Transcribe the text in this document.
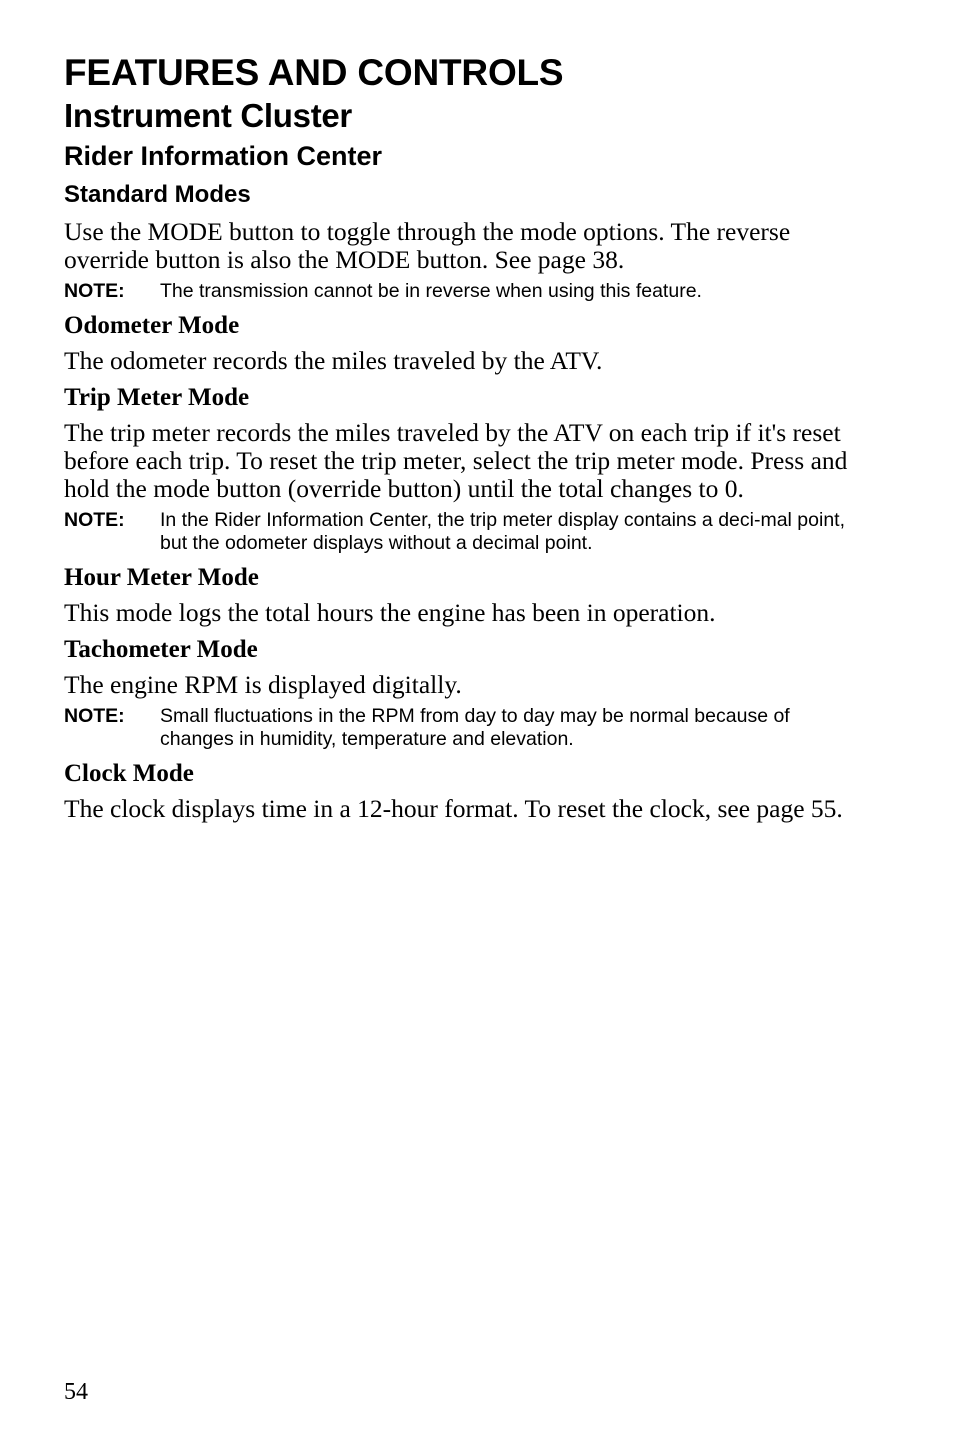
FEATURES AND CONTROLS
Instrument Cluster
Rider Information Center
Standard Modes

Use the MODE button to toggle through the mode options. The reverse override button is also the MODE button. See page 38.

NOTE: The transmission cannot be in reverse when using this feature.

Odometer Mode

The odometer records the miles traveled by the ATV.

Trip Meter Mode

The trip meter records the miles traveled by the ATV on each trip if it's reset before each trip. To reset the trip meter, select the trip meter mode. Press and hold the mode button (override button) until the total changes to 0.

NOTE: In the Rider Information Center, the trip meter display contains a deci-mal point, but the odometer displays without a decimal point.

Hour Meter Mode

This mode logs the total hours the engine has been in operation.

Tachometer Mode

The engine RPM is displayed digitally.

NOTE: Small fluctuations in the RPM from day to day may be normal because of changes in humidity, temperature and elevation.

Clock Mode

The clock displays time in a 12-hour format. To reset the clock, see page 55.

54
